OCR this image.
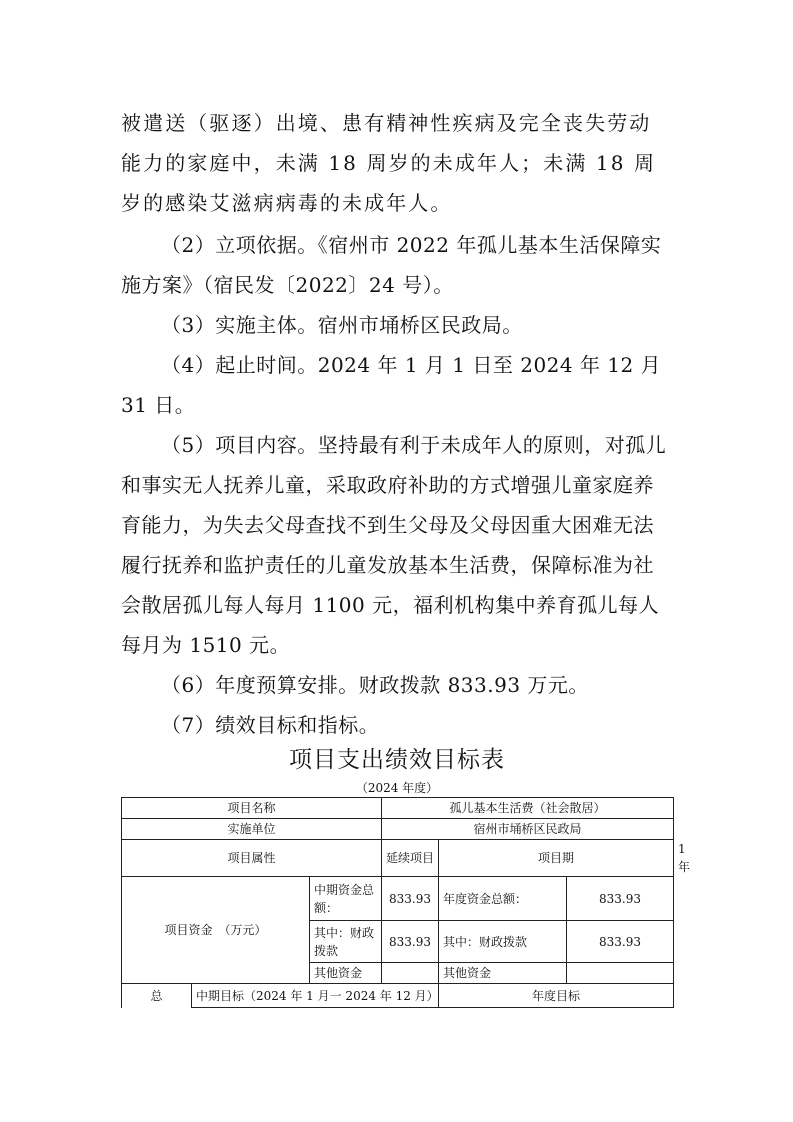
被遣送（驱逐）出境、患有精神性疾病及完全丧失劳动能力的家庭中，未满 18 周岁的未成年人；未满 18 周岁的感染艾滋病病毒的未成年人。

（2）立项依据。《宿州市 2022 年孤儿基本生活保障实施方案》（宿民发〔2022〕24 号）。

（3）实施主体。宿州市埇桥区民政局。

（4）起止时间。2024 年 1 月 1 日至 2024 年 12 月 31 日。

（5）项目内容。坚持最有利于未成年人的原则，对孤儿和事实无人抚养儿童，采取政府补助的方式增强儿童家庭养育能力，为失去父母查找不到生父母及父母因重大困难无法履行抚养和监护责任的儿童发放基本生活费，保障标准为社会散居孤儿每人每月 1100 元，福利机构集中养育孤儿每人每月为 1510 元。

（6）年度预算安排。财政拨款 833.93 万元。

（7）绩效目标和指标。

项目支出绩效目标表
（2024 年度）
项目名称			孤儿基本生活费（社会散居）			
实施单位			宿州市埇桥区民政局			
项目属性			延续项目	项目期		1 年
项目资金　（万元）		中期资金总额：	833.93	年度资金总额：	833.93	
		其中：财政拨款	833.93	其中：财政拨款	833.93	
		其他资金		其他资金		
总	中期目标（2024 年 1 月一 2024 年 12 月）			年度目标		
